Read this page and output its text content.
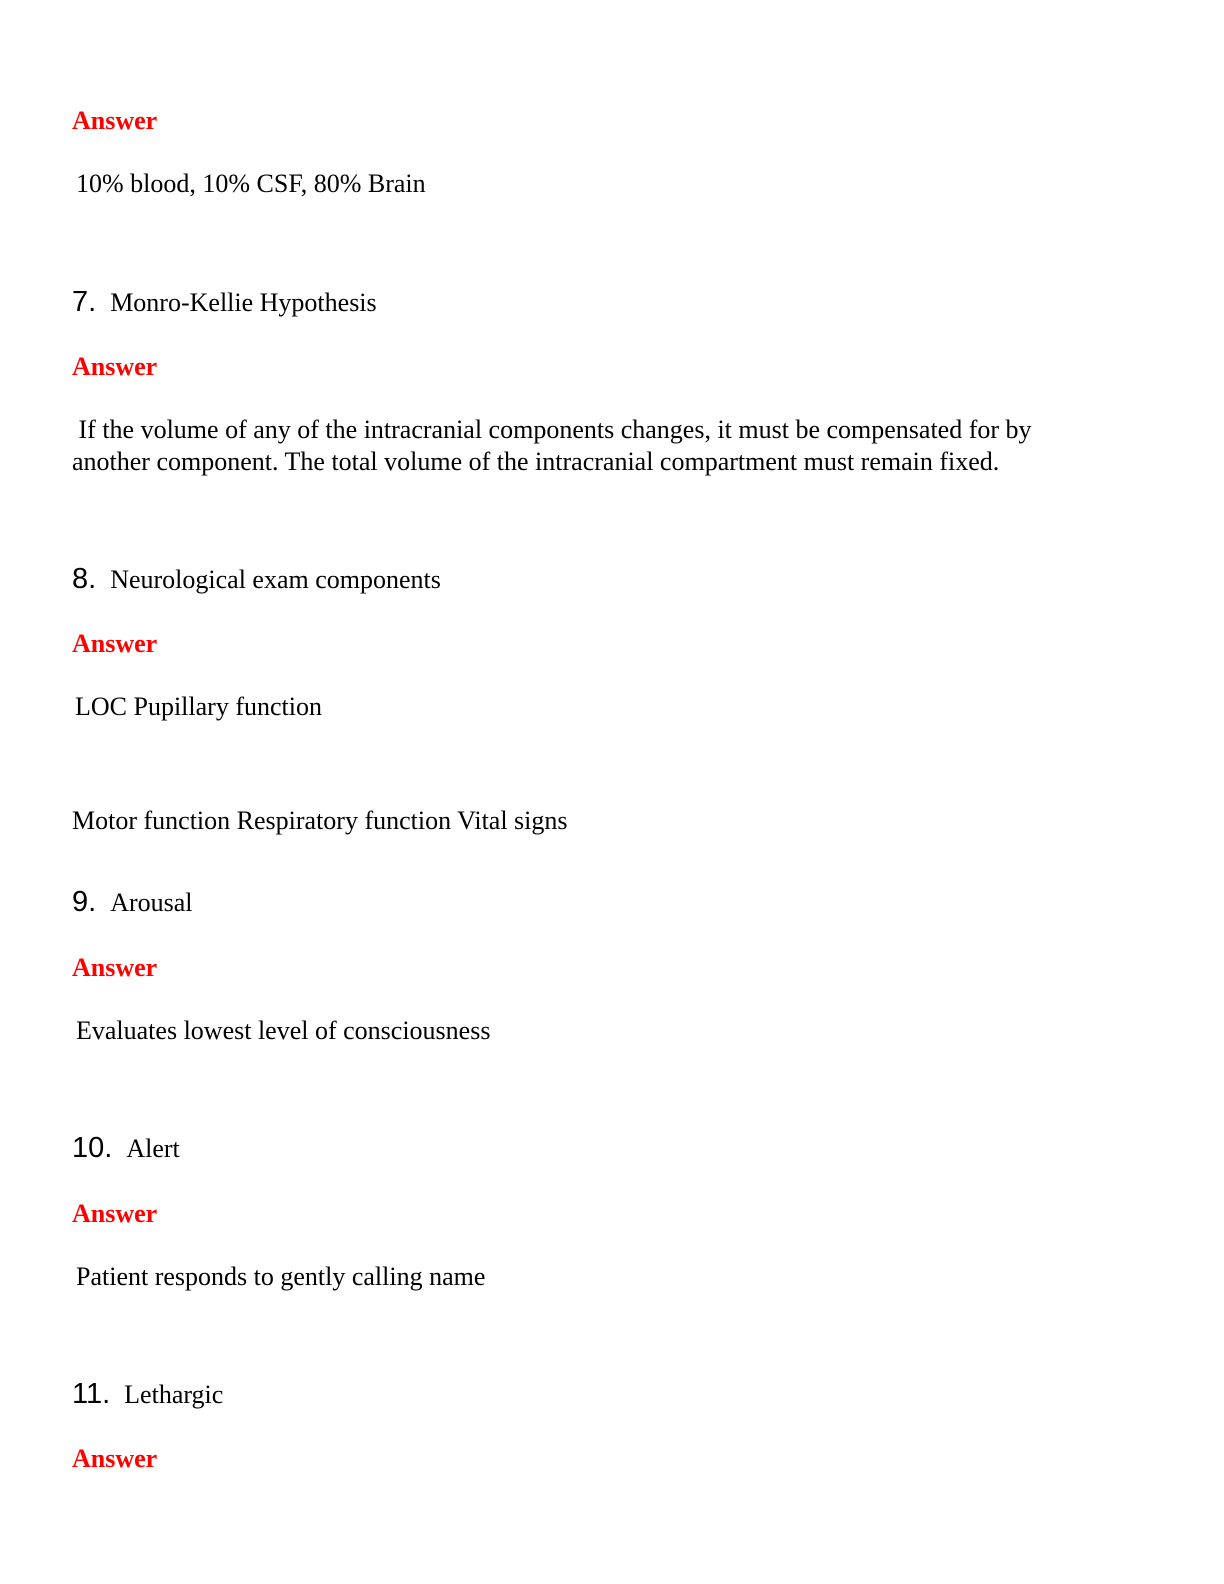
Answer
10% blood, 10% CSF, 80% Brain
7. Monro-Kellie Hypothesis
Answer
If the volume of any of the intracranial components changes, it must be compensated for by another component. The total volume of the intracranial compartment must remain fixed.
8. Neurological exam components
Answer
LOC Pupillary function
Motor function Respiratory function Vital signs
9. Arousal
Answer
Evaluates lowest level of consciousness
10. Alert
Answer
Patient responds to gently calling name
11. Lethargic
Answer
